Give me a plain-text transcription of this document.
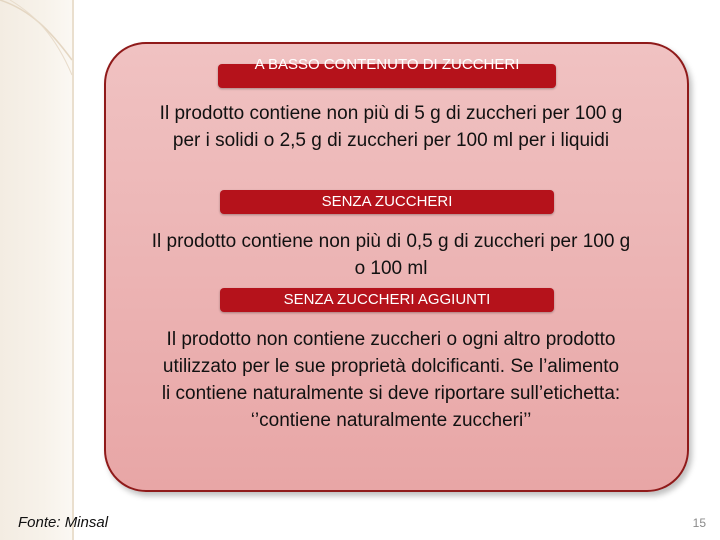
A BASSO CONTENUTO DI ZUCCHERI
Il prodotto contiene non più di 5 g di zuccheri per 100 g per i solidi o 2,5 g di zuccheri per 100 ml per i liquidi
SENZA ZUCCHERI
Il prodotto contiene non più di 0,5 g di zuccheri per 100 g o 100 ml
SENZA ZUCCHERI AGGIUNTI
Il prodotto non contiene zuccheri o ogni altro prodotto utilizzato per le sue proprietà dolcificanti. Se l’alimento li contiene naturalmente si deve riportare sull’etichetta: ‘’contiene naturalmente zuccheri’’
Fonte: Minsal	15
